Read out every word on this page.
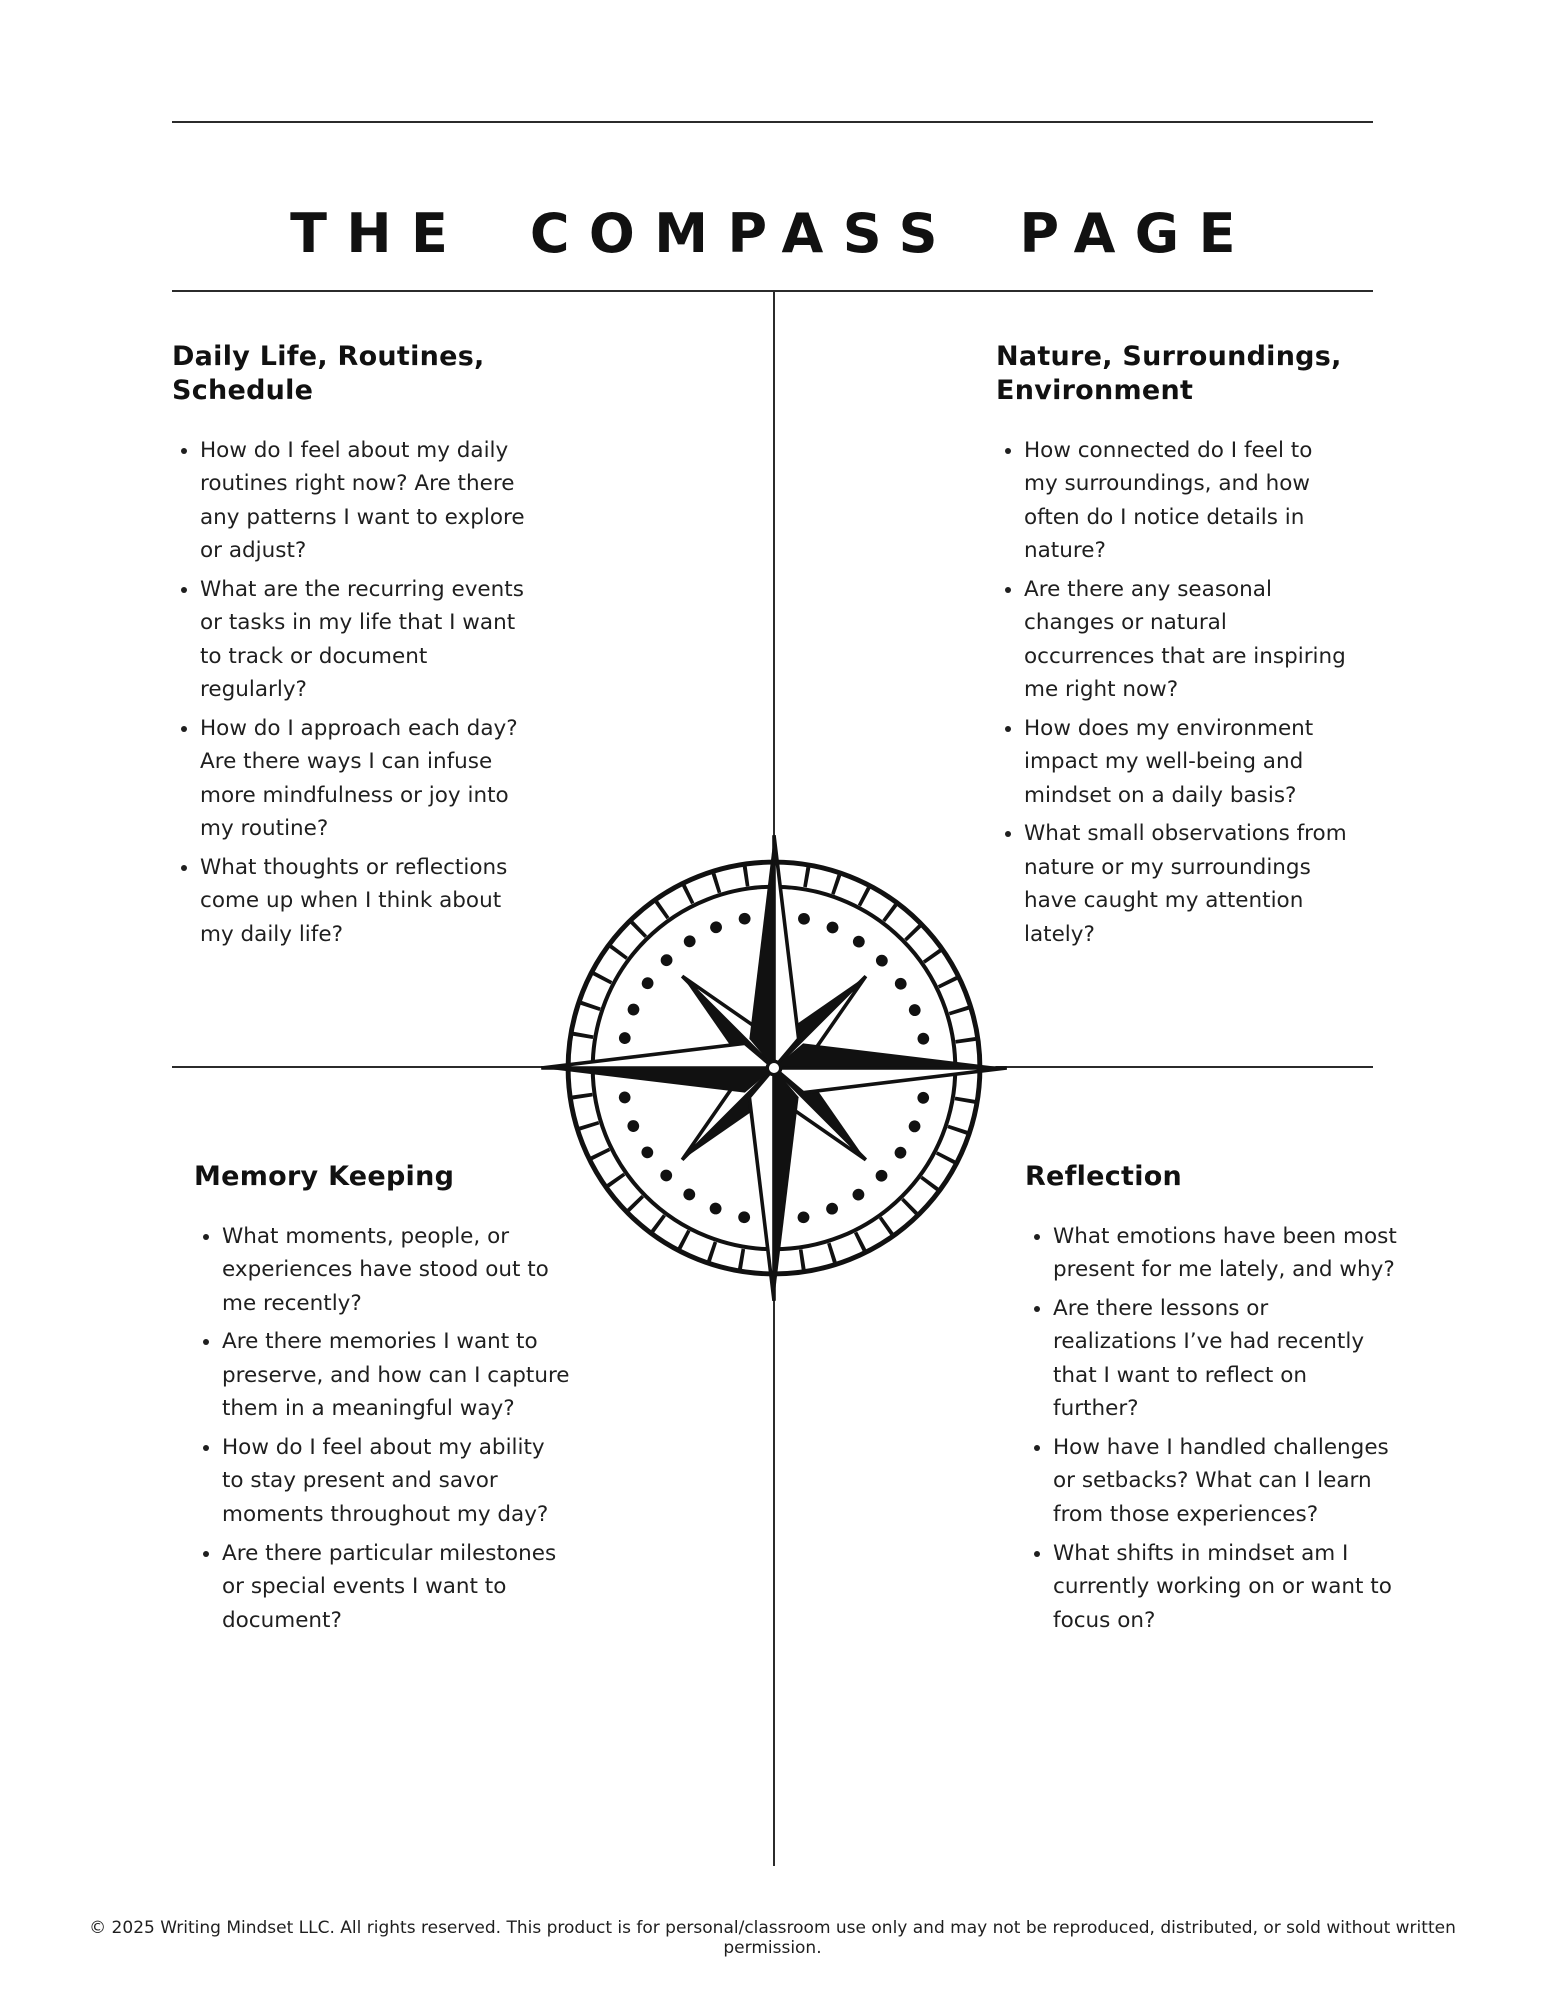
THE COMPASS PAGE
Daily Life, Routines, Schedule
• How do I feel about my daily routines right now? Are there any patterns I want to explore or adjust?
• What are the recurring events or tasks in my life that I want to track or document regularly?
• How do I approach each day? Are there ways I can infuse more mindfulness or joy into my routine?
• What thoughts or reflections come up when I think about my daily life?
Nature, Surroundings, Environment
• How connected do I feel to my surroundings, and how often do I notice details in nature?
• Are there any seasonal changes or natural occurrences that are inspiring me right now?
• How does my environment impact my well-being and mindset on a daily basis?
• What small observations from nature or my surroundings have caught my attention lately?
Memory Keeping
• What moments, people, or experiences have stood out to me recently?
• Are there memories I want to preserve, and how can I capture them in a meaningful way?
• How do I feel about my ability to stay present and savor moments throughout my day?
• Are there particular milestones or special events I want to document?
Reflection
• What emotions have been most present for me lately, and why?
• Are there lessons or realizations I’ve had recently that I want to reflect on further?
• How have I handled challenges or setbacks? What can I learn from those experiences?
• What shifts in mindset am I currently working on or want to focus on?
© 2025 Writing Mindset LLC. All rights reserved. This product is for personal/classroom use only and may not be reproduced, distributed, or sold without written permission.
